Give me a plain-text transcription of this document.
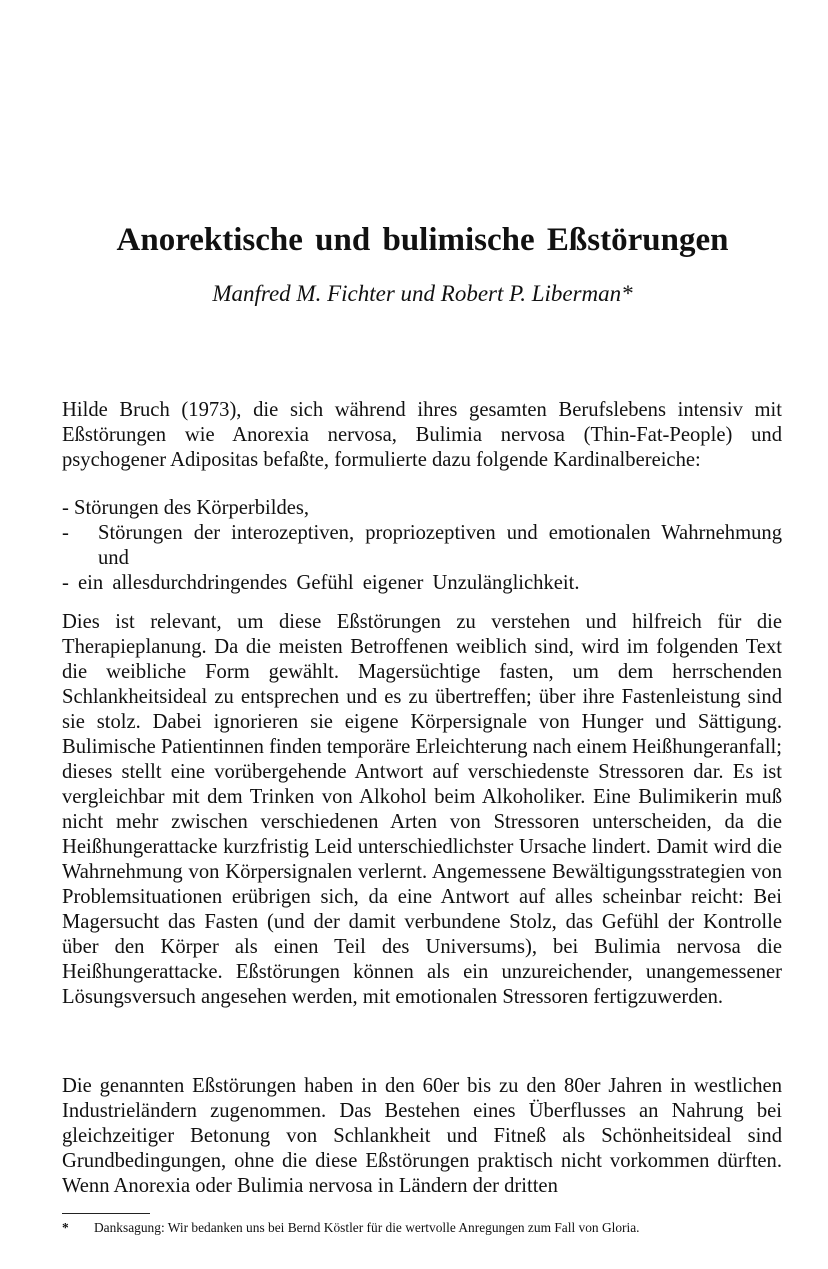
Anorektische und bulimische Eßstörungen

Manfred M. Fichter und Robert P. Liberman*

Hilde Bruch (1973), die sich während ihres gesamten Berufslebens intensiv mit Eßstörungen wie Anorexia nervosa, Bulimia nervosa (Thin-Fat-People) und psychogener Adipositas befaßte, formulierte dazu folgende Kardinalbereiche:

- Störungen des Körperbildes,
- Störungen der interozeptiven, propriozeptiven und emotionalen Wahrnehmung und
- ein allesdurchdringendes Gefühl eigener Unzulänglichkeit.

Dies ist relevant, um diese Eßstörungen zu verstehen und hilfreich für die Therapieplanung. Da die meisten Betroffenen weiblich sind, wird im folgenden Text die weibliche Form gewählt. Magersüchtige fasten, um dem herrschenden Schlankheitsideal zu entsprechen und es zu übertreffen; über ihre Fastenleistung sind sie stolz. Dabei ignorieren sie eigene Körpersignale von Hunger und Sättigung. Bulimische Patientinnen finden temporäre Erleichterung nach einem Heißhungeranfall; dieses stellt eine vorübergehende Antwort auf verschiedenste Stressoren dar. Es ist vergleichbar mit dem Trinken von Alkohol beim Alkoholiker. Eine Bulimikerin muß nicht mehr zwischen verschiedenen Arten von Stressoren unterscheiden, da die Heißhungerattacke kurzfristig Leid unterschiedlichster Ursache lindert. Damit wird die Wahrnehmung von Körpersignalen verlernt. Angemessene Bewältigungsstrategien von Problemsituationen erübrigen sich, da eine Antwort auf alles scheinbar reicht: Bei Magersucht das Fasten (und der damit verbundene Stolz, das Gefühl der Kontrolle über den Körper als einen Teil des Universums), bei Bulimia nervosa die Heißhungerattacke. Eßstörungen können als ein unzureichender, unangemessener Lösungsversuch angesehen werden, mit emotionalen Stressoren fertigzuwerden.

Die genannten Eßstörungen haben in den 60er bis zu den 80er Jahren in westlichen Industrieländern zugenommen. Das Bestehen eines Überflusses an Nahrung bei gleichzeitiger Betonung von Schlankheit und Fitneß als Schönheitsideal sind Grundbedingungen, ohne die diese Eßstörungen praktisch nicht vorkommen dürften. Wenn Anorexia oder Bulimia nervosa in Ländern der dritten

* Danksagung: Wir bedanken uns bei Bernd Köstler für die wertvolle Anregungen zum Fall von Gloria.
